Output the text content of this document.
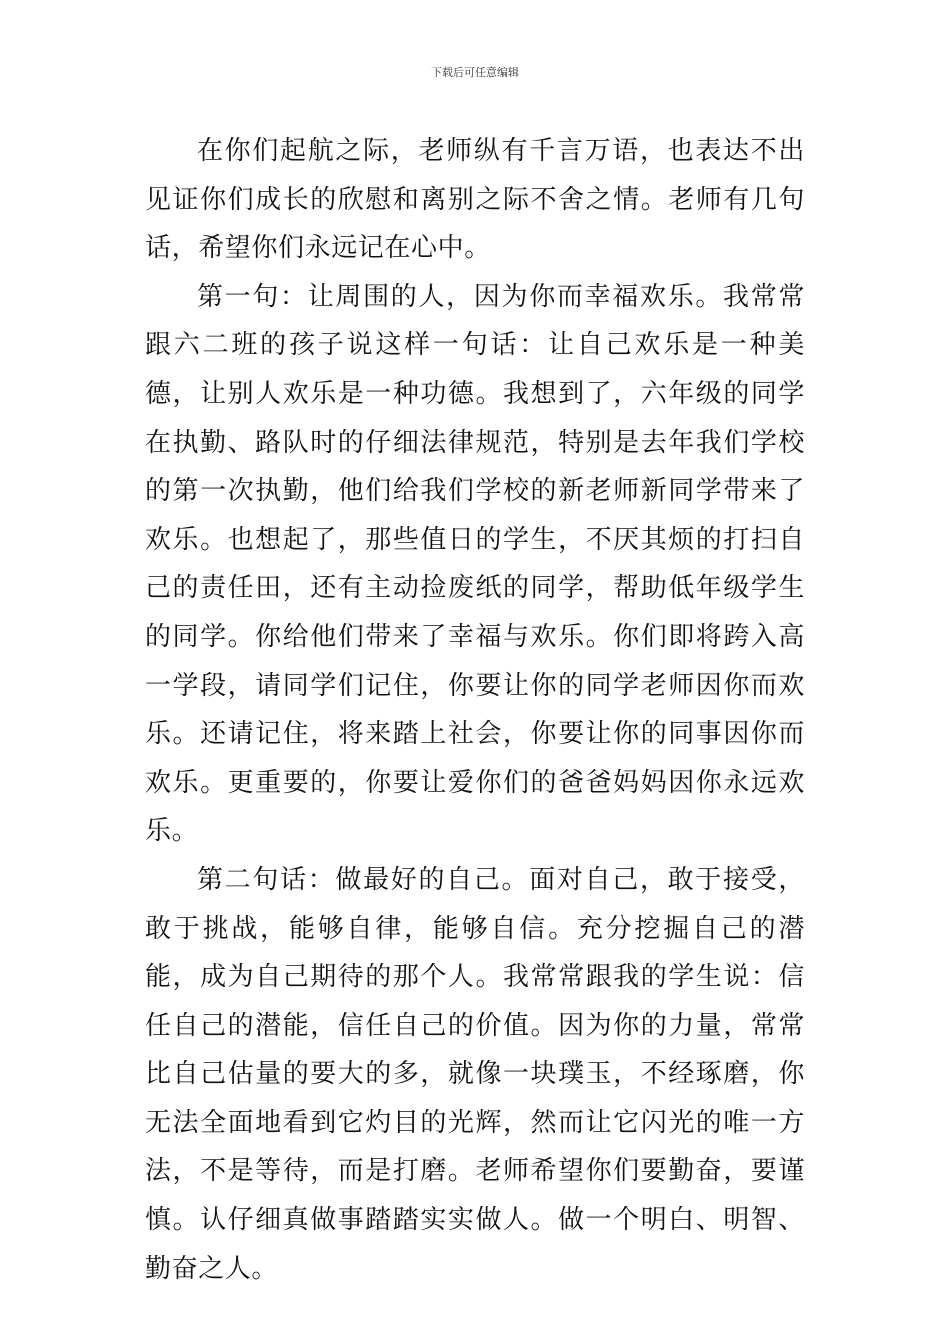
下载后可任意编辑

在你们起航之际，老师纵有千言万语，也表达不出见证你们成长的欣慰和离别之际不舍之情。老师有几句话，希望你们永远记在心中。

第一句：让周围的人，因为你而幸福欢乐。我常常跟六二班的孩子说这样一句话：让自己欢乐是一种美德，让别人欢乐是一种功德。我想到了，六年级的同学在执勤、路队时的仔细法律规范，特别是去年我们学校的第一次执勤，他们给我们学校的新老师新同学带来了欢乐。也想起了，那些值日的学生，不厌其烦的打扫自己的责任田，还有主动捡废纸的同学，帮助低年级学生的同学。你给他们带来了幸福与欢乐。你们即将跨入高一学段，请同学们记住，你要让你的同学老师因你而欢乐。还请记住，将来踏上社会，你要让你的同事因你而欢乐。更重要的，你要让爱你们的爸爸妈妈因你永远欢乐。

第二句话：做最好的自己。面对自己，敢于接受，敢于挑战，能够自律，能够自信。充分挖掘自己的潜能，成为自己期待的那个人。我常常跟我的学生说：信任自己的潜能，信任自己的价值。因为你的力量，常常比自己估量的要大的多，就像一块璞玉，不经琢磨，你无法全面地看到它灼目的光辉，然而让它闪光的唯一方法，不是等待，而是打磨。老师希望你们要勤奋，要谨慎。认仔细真做事踏踏实实做人。做一个明白、明智、勤奋之人。
